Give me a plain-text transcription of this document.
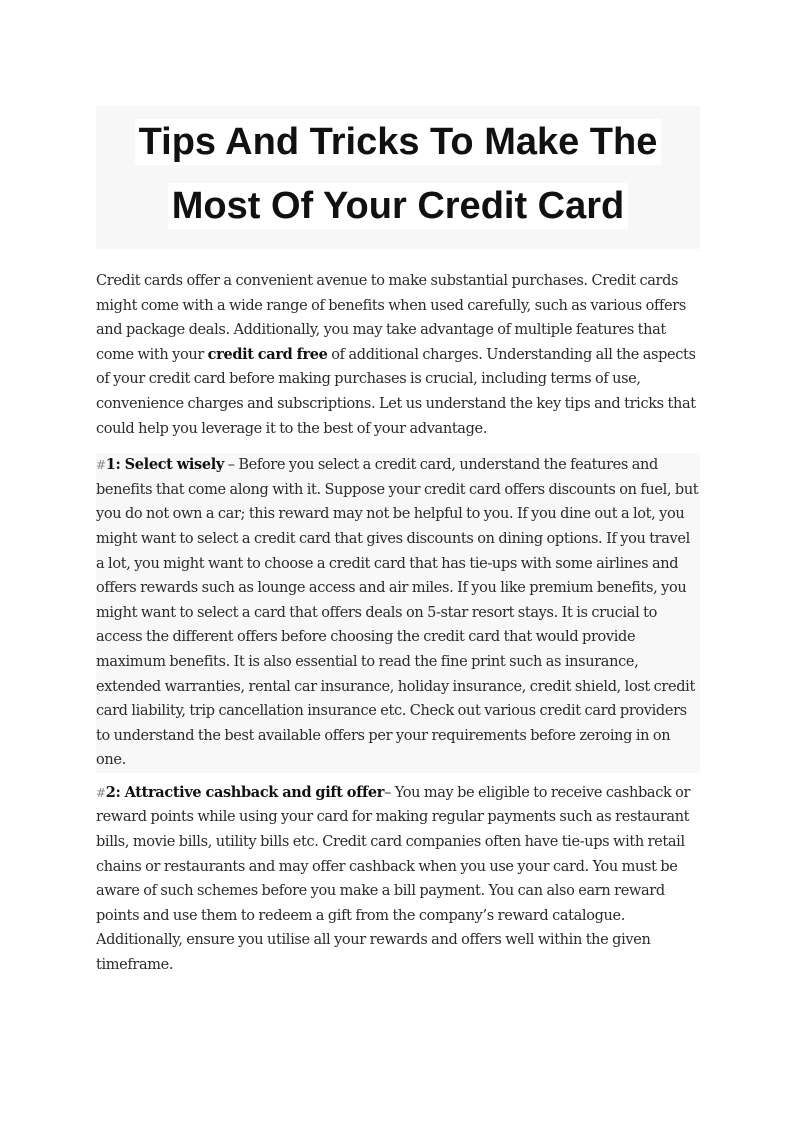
Tips And Tricks To Make The
Most Of Your Credit Card

Credit cards offer a convenient avenue to make substantial purchases. Credit cards might come with a wide range of benefits when used carefully, such as various offers and package deals. Additionally, you may take advantage of multiple features that come with your credit card free of additional charges. Understanding all the aspects of your credit card before making purchases is crucial, including terms of use, convenience charges and subscriptions. Let us understand the key tips and tricks that could help you leverage it to the best of your advantage.

#1: Select wisely – Before you select a credit card, understand the features and benefits that come along with it. Suppose your credit card offers discounts on fuel, but you do not own a car; this reward may not be helpful to you. If you dine out a lot, you might want to select a credit card that gives discounts on dining options. If you travel a lot, you might want to choose a credit card that has tie-ups with some airlines and offers rewards such as lounge access and air miles. If you like premium benefits, you might want to select a card that offers deals on 5-star resort stays. It is crucial to access the different offers before choosing the credit card that would provide maximum benefits. It is also essential to read the fine print such as insurance, extended warranties, rental car insurance, holiday insurance, credit shield, lost credit card liability, trip cancellation insurance etc. Check out various credit card providers to understand the best available offers per your requirements before zeroing in on one.

#2: Attractive cashback and gift offer– You may be eligible to receive cashback or reward points while using your card for making regular payments such as restaurant bills, movie bills, utility bills etc. Credit card companies often have tie-ups with retail chains or restaurants and may offer cashback when you use your card. You must be aware of such schemes before you make a bill payment. You can also earn reward points and use them to redeem a gift from the company’s reward catalogue. Additionally, ensure you utilise all your rewards and offers well within the given timeframe.
